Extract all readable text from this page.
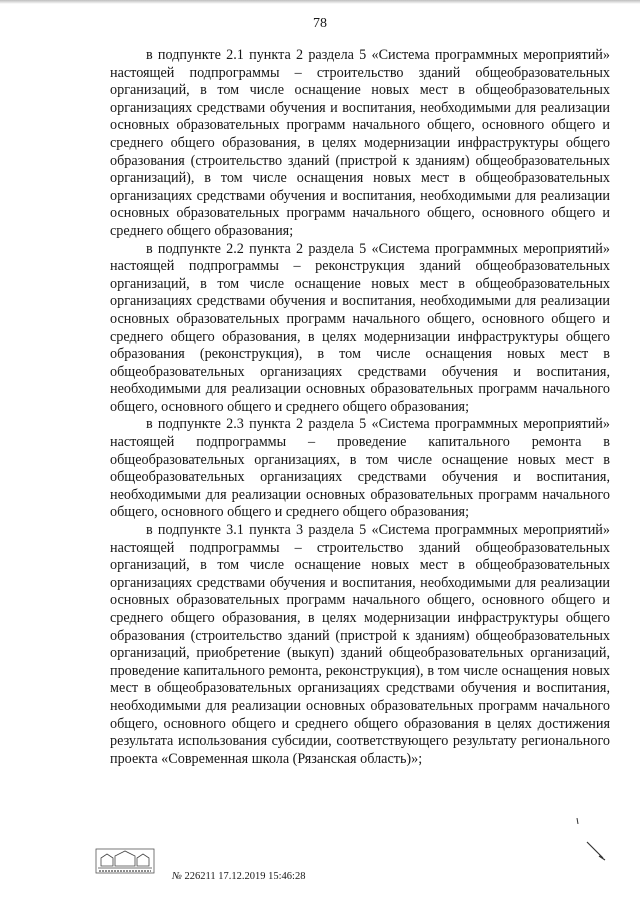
78

в подпункте 2.1 пункта 2 раздела 5 «Система программных мероприятий» настоящей подпрограммы – строительство зданий общеобразовательных организаций, в том числе оснащение новых мест в общеобразовательных организациях средствами обучения и воспитания, необходимыми для реализации основных образовательных программ начального общего, основного общего и среднего общего образования, в целях модернизации инфраструктуры общего образования (строительство зданий (пристрой к зданиям) общеобразовательных организаций), в том числе оснащения новых мест в общеобразовательных организациях средствами обучения и воспитания, необходимыми для реализации основных образовательных программ начального общего, основного общего и среднего общего образования;

в подпункте 2.2 пункта 2 раздела 5 «Система программных мероприятий» настоящей подпрограммы – реконструкция зданий общеобразовательных организаций, в том числе оснащение новых мест в общеобразовательных организациях средствами обучения и воспитания, необходимыми для реализации основных образовательных программ начального общего, основного общего и среднего общего образования, в целях модернизации инфраструктуры общего образования (реконструкция), в том числе оснащения новых мест в общеобразовательных организациях средствами обучения и воспитания, необходимыми для реализации основных образовательных программ начального общего, основного общего и среднего общего образования;

в подпункте 2.3 пункта 2 раздела 5 «Система программных мероприятий» настоящей подпрограммы – проведение капитального ремонта в общеобразовательных организациях, в том числе оснащение новых мест в общеобразовательных организациях средствами обучения и воспитания, необходимыми для реализации основных образовательных программ начального общего, основного общего и среднего общего образования;

в подпункте 3.1 пункта 3 раздела 5 «Система программных мероприятий» настоящей подпрограммы – строительство зданий общеобразовательных организаций, в том числе оснащение новых мест в общеобразовательных организациях средствами обучения и воспитания, необходимыми для реализации основных образовательных программ начального общего, основного общего и среднего общего образования, в целях модернизации инфраструктуры общего образования (строительство зданий (пристрой к зданиям) общеобразовательных организаций, приобретение (выкуп) зданий общеобразовательных организаций, проведение капитального ремонта, реконструкция), в том числе оснащения новых мест в общеобразовательных организациях средствами обучения и воспитания, необходимыми для реализации основных образовательных программ начального общего, основного общего и среднего общего образования в целях достижения результата использования субсидии, соответствующего результату регионального проекта «Современная школа (Рязанская область)»;

№ 226211 17.12.2019 15:46:28
